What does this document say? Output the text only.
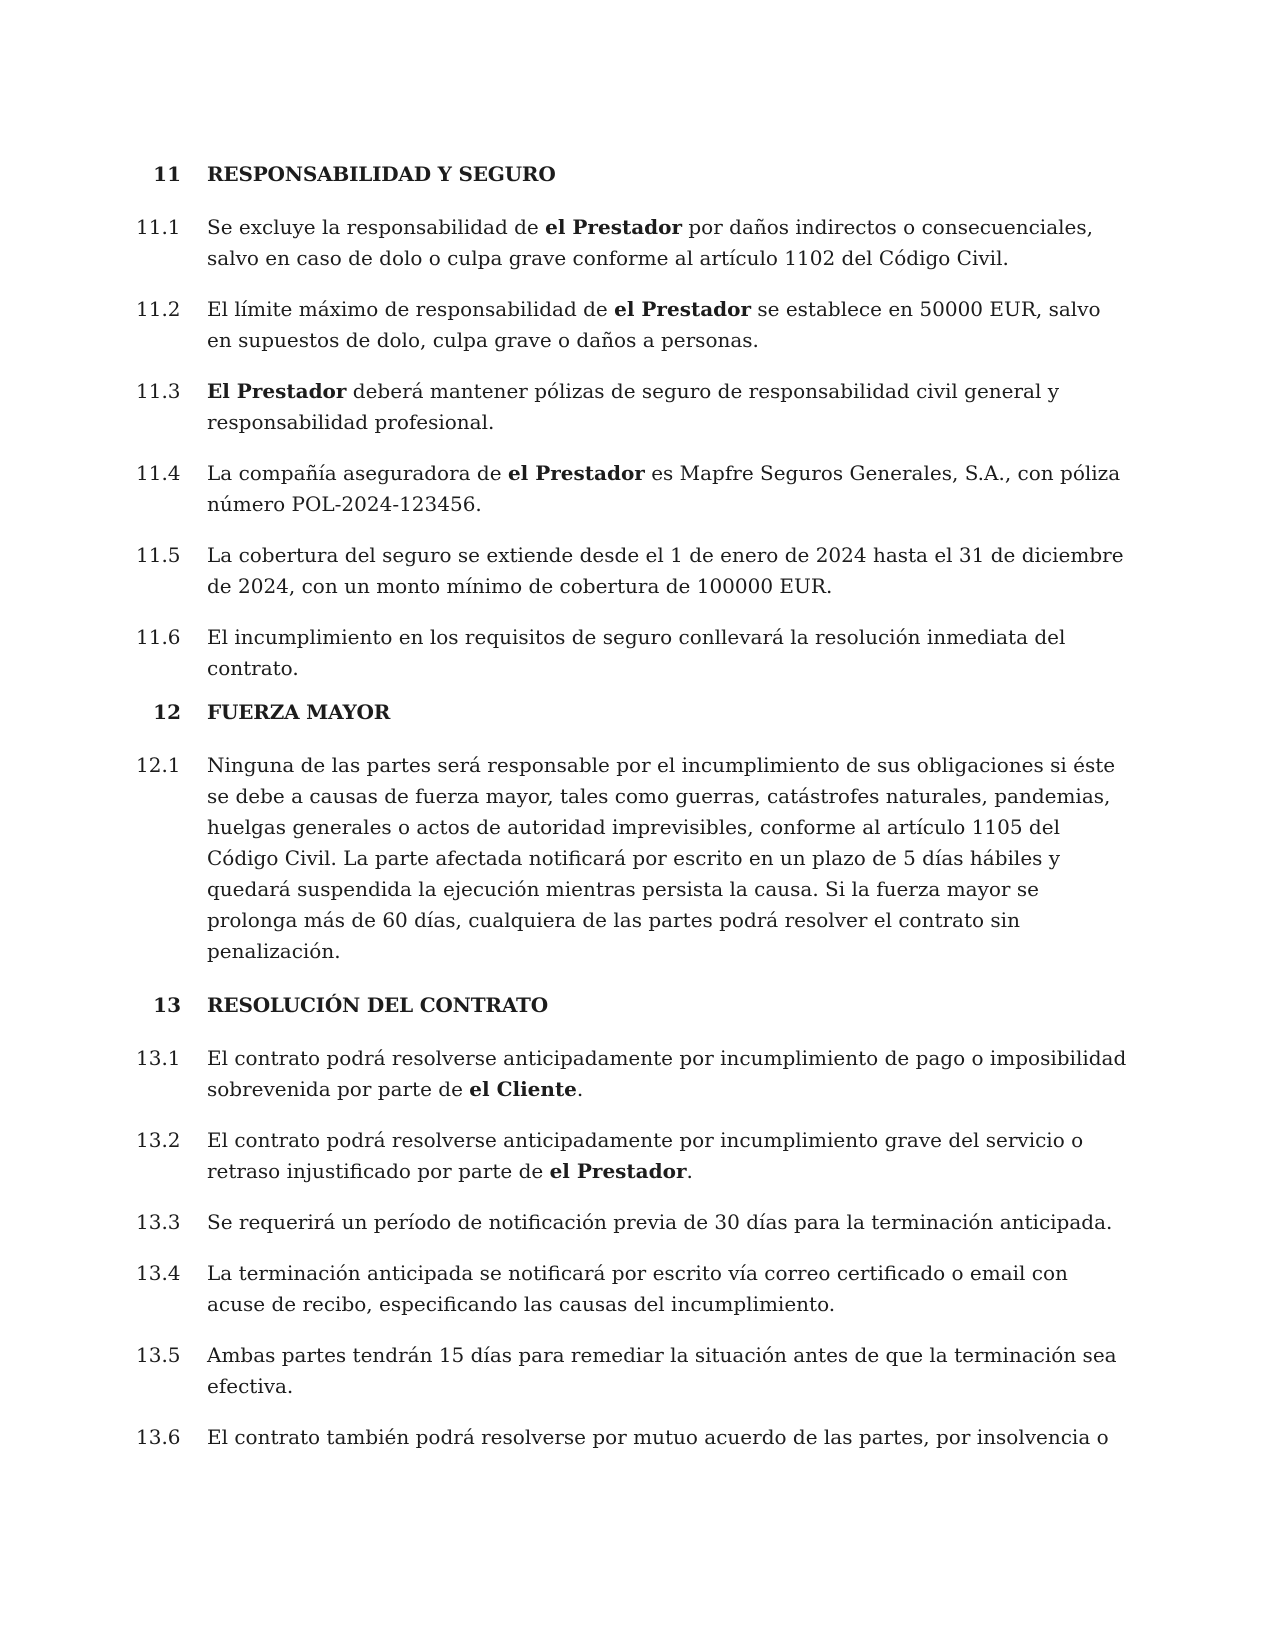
11 RESPONSABILIDAD Y SEGURO
11.1	Se excluye la responsabilidad de el Prestador por daños indirectos o consecuenciales, salvo en caso de dolo o culpa grave conforme al artículo 1102 del Código Civil.
11.2	El límite máximo de responsabilidad de el Prestador se establece en 50000 EUR, salvo en supuestos de dolo, culpa grave o daños a personas.
11.3	El Prestador deberá mantener pólizas de seguro de responsabilidad civil general y responsabilidad profesional.
11.4	La compañía aseguradora de el Prestador es Mapfre Seguros Generales, S.A., con póliza número POL-2024-123456.
11.5	La cobertura del seguro se extiende desde el 1 de enero de 2024 hasta el 31 de diciembre de 2024, con un monto mínimo de cobertura de 100000 EUR.
11.6	El incumplimiento en los requisitos de seguro conllevará la resolución inmediata del contrato.
12 FUERZA MAYOR
12.1	Ninguna de las partes será responsable por el incumplimiento de sus obligaciones si éste se debe a causas de fuerza mayor, tales como guerras, catástrofes naturales, pandemias, huelgas generales o actos de autoridad imprevisibles, conforme al artículo 1105 del Código Civil. La parte afectada notificará por escrito en un plazo de 5 días hábiles y quedará suspendida la ejecución mientras persista la causa. Si la fuerza mayor se prolonga más de 60 días, cualquiera de las partes podrá resolver el contrato sin penalización.
13 RESOLUCIÓN DEL CONTRATO
13.1	El contrato podrá resolverse anticipadamente por incumplimiento de pago o imposibilidad sobrevenida por parte de el Cliente.
13.2	El contrato podrá resolverse anticipadamente por incumplimiento grave del servicio o retraso injustificado por parte de el Prestador.
13.3	Se requerirá un período de notificación previa de 30 días para la terminación anticipada.
13.4	La terminación anticipada se notificará por escrito vía correo certificado o email con acuse de recibo, especificando las causas del incumplimiento.
13.5	Ambas partes tendrán 15 días para remediar la situación antes de que la terminación sea efectiva.
13.6	El contrato también podrá resolverse por mutuo acuerdo de las partes, por insolvencia o
